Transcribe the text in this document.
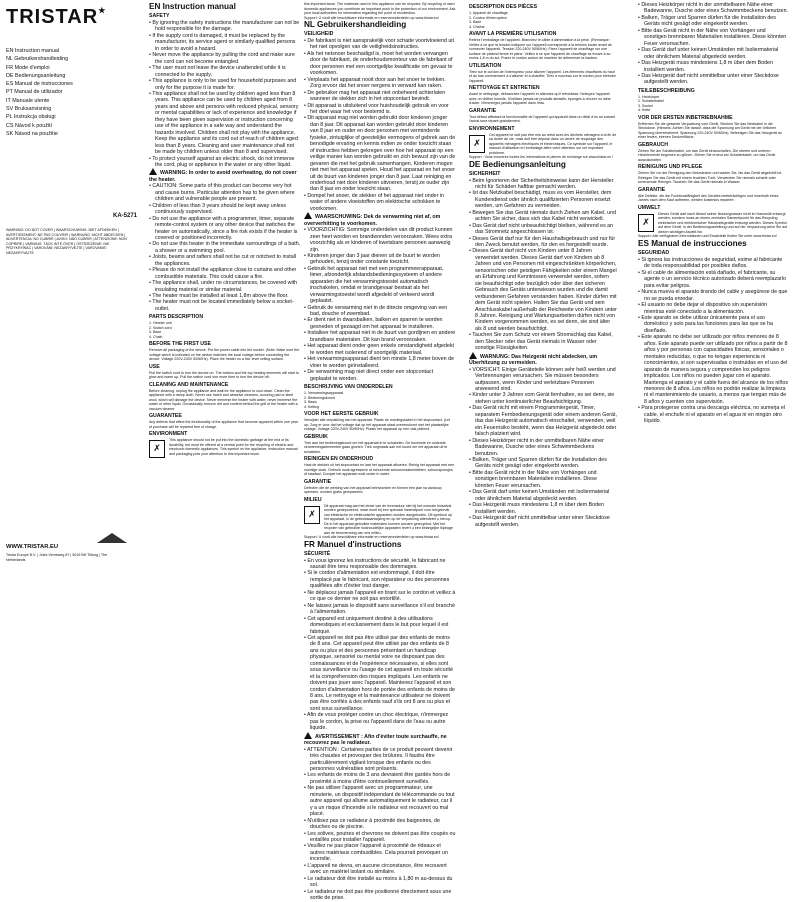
TRISTAR★
EN Instruction manual
NL Gebruikershandleiding
FR Mode d'emploi
DE Bedienungsanleitung
ES Manual de instrucciones
PT Manual de utilizador
IT Manuale utente
SV Bruksanvisning
PL Instrukcja obsługi
CS Návod k použití
SK Návod na použitie
KA-5271
WARNING: DO NOT COVER | WAARSCHUWING: NIET AFDEKKEN | AVERTISSEMENT: NE PAS COUVRIR | WARNUNG: NICHT ABDECKEN | ADVERTENCIA: NO CUBRIR | AVISO: NÃO CUBRIR | ATTENZIONE: NON COPRIRE | VARNING: TÄCK INTE ÖVER | OSTRZEŻENIE: NIE PRZYKRYWAĆ | VAROVÁNÍ: NEZAKRÝVEJTE | VAROVANIE: NEZAKRÝVAJTE
WWW.TRISTAR.EU
Tristar Europe B.V. | Jules Verneweg 87 | 5015 BH Tilburg | The Netherlands
EN Instruction manual
SAFETY

• By ignoring the safety instructions the manufacturer can not be hold responsible for the damage.

• If the supply cord is damaged, it must be replaced by the manufacturer, its service agent or similarly qualified persons in order to avoid a hazard.

• Never move the appliance by pulling the cord and make sure the cord can not become entangled.

• The user must not leave the device unattended while it is connected to the supply.

• This appliance is only to be used for household purposes and only for the purpose it is made for.

• This appliance shall not be used by children aged less than 8 years. This appliance can be used by children aged from 8 years and above and persons with reduced physical, sensory or mental capabilities or lack of experience and knowledge if they have been given supervision or instruction concerning use of the appliance in a safe way and understand the hazards involved. Children shall not play with the appliance. Keep the appliance and its cord out of reach of children aged less than 8 years. Cleaning and user maintenance shall not be made by children unless older than 8 and supervised.

• To protect yourself against an electric shock, do not immerse the cord, plug or appliance in the water or any other liquid.

WARNING: In order to avoid overheating, do not cover the heater.

• CAUTION: Some parts of this product can become very hot and cause burns. Particular attention has to be given where children and vulnerable people are present.

• Children of less than 3 years should be kept away unless continuously supervised.

• Do not use the appliance with a programmer, timer, separate remote-control system or any other device that switches the heater on automatically, since a fire risk exists if the heater is covered or positioned incorrectly.

• Do not use this heater in the immediate surroundings of a bath, a shower or a swimming pool.

• Joists, beams and rafters shall not be cut or notched to install the appliances.

• Please do not install the appliance close to curtains and other combustible materials. This could cause a fire.

• The appliance shall, under no circumstances, be covered with insulating material or similar material.

• The heater must be installed at least 1,8m above the floor.

• The heater must not be located immediately below a socket-outlet.

PARTS DESCRIPTION
1. Header unit
2. Switch cord
3. Base
4. Chain
BEFORE THE FIRST USE

Remove all packaging of the device. Put the power cable into the socket. (Note: Make sure the voltage which is indicated on the device matches the local voltage before connecting the device. Voltage 220V-240V 50/60Hz). Place the heater on a flat, level ceiling surface.

USE

Pull the switch cord to turn the device on. The bottom and the top heating elements will start to glow and warm up. Pull the switch cord one more time to turn the device off.

CLEANING AND MAINTENANCE

Before cleaning, unplug the appliance and wait for the appliance to cool down. Clean the appliance with a damp cloth. Never use harsh and abrasive cleaners, scouring pad or steel wool, which will damage the device. Never immerse the heater with water, never immerse the water or other liquid. Occasionally remove dirt and content behind the grill of the heater with a vacuum cleaner.

GUARANTEE

Any defects that affect the functionality of the appliance that become apparent within one year of purchase will be repaired free of charge.

ENVIRONMENT
✗

This appliance should not be put into the domestic garbage at the end of its durability, but must be offered at a central point for the recycling of electric and electronic domestic appliances. This symbol on the appliance, instruction manual and packaging puts your attention to this important issue.

this important issue. The materials used in this appliance can be recycled. By recycling of used domestic appliances you contribute an important push to the protection of our environment. Ask your local authorities for information regarding the point of recollection.

Support: U vindt alle beschikbare informatie en reserveonderdelen op www.tristar.eu!

NL Gebruikershandleiding
VEILIGHEID

• De fabrikant is niet aansprakelijk voor schade voortvloeiend uit het niet opvolgen van de veiligheidsinstructies.

• Als het netsnoer beschadigd is, moet het worden vervangen door de fabrikant, de onderhoudsmonteur van de fabrikant of door personen met een soortgelijke kwalificatie om gevaar te voorkomen.

• Verplaats het apparaat nooit door aan het snoer te trekken. Zorg ervoor dat het snoer nergens in verward kan raken.

• De gebruiker mag het apparaat niet onbeheerd achterlaten wanneer de stekker zich in het stopcontact bevindt.

• Dit apparaat is uitsluitend voor huishoudelijk gebruik en voor het doel waar het voor bestemd is.

• Dit apparaat mag niet worden gebruikt door kinderen jonger dan 8 jaar. Dit apparaat kan worden gebruikt door kinderen van 8 jaar en ouder en door personen met verminderde fysieke, zintuiglijke of geestelijke vermogens of gebrek aan de benodigde ervaring en kennis indien ze onder toezicht staan of instructies hebben gekregen over hoe het apparaat op een veilige manier kan worden gebruikt en zich bewust zijn van de gevaren die met het gebruik samenhangen. Kinderen mogen niet met het apparaat spelen. Houd het apparaat en het snoer uit de buurt van kinderen jonger dan 8 jaar. Laat reiniging en onderhoud niet door kinderen uitvoeren, tenzij ze ouder zijn dan 8 jaar en onder toezicht staan.

• Dompel het snoer, de stekker of het apparaat niet onder in water of andere vloeistoffen om elektrische schokken te voorkomen.

WAARSCHUWING: Dek de verwarming niet af, om oververhitting te voorkomen.

• VOORZICHTIG: Sommige onderdelen van dit product kunnen zeer heet worden en brandwonden veroorzaken. Wees extra voorzichtig als er kinderen of kwetsbare personen aanwezig zijn.

• Kinderen jonger dan 3 jaar dienen uit de buurt te worden gehouden, tenzij onder constante toezicht.

• Gebruik het apparaat niet met een programmeerapparaat, timer, afzonderlijk afstandsbedieningssysteem of andere apparaten die het verwarmingstoestel automatisch inschakelen, omdat er brandgevaar bestaat als het verwarmingstoestel wordt afgedekt of verkeerd wordt geplaatst.

• Gebruik de verwarming niet in de directe omgeving van een bad, douche of zwembad.

• Er dient niet in dwarsbalken, balken en sparren te worden gesneden of gezaagd om het apparaat te installeren.

• Installeer het apparaat niet in de buurt van gordijnen en andere brandbare materialen. Dit kan brand veroorzaken.

• Het apparaat dient onder geen enkele omstandigheid afgedekt te worden met isolerend of soortgelijk materiaal.

• Het verwarmingsapparaat dient ten minste 1,8 meter boven de vloer te worden geïnstalleerd.

• De verwarming mag niet direct onder een stopcontact geplaatst te worden.

BESCHRIJVING VAN ONDERDELEN
1. Verwarmingsapparaat
2. Bedieningskoord
3. Basis
4. Ketting
VOOR HET EERSTE GEBRUIK

Verwijder alle verpakking van het apparaat. Plaats de voedingskabel in het stopcontact. (Let op: Zorg er voor dat het voltage dat op het apparaat staat overeenkomt met het plaatselijke voltage. Voltage 220V-240V 50/60Hz). Plaats het apparaat op een vlak plafond.

GEBRUIK

Trek aan het bedieningskoord om het apparaat in te schakelen. De bovenste en onderste verwarmingselementen gaan gloeien. Trek nogmaals aan het koord om het apparaat uit te schakelen.

REINIGEN EN ONDERHOUD

Haal de stekker uit het stopcontact en laat het apparaat afkoelen. Reinig het apparaat met een vochtige doek. Gebruik nooit agressieve of schurende schoonmaakmiddelen, schuursponsjes of staalwol. Dompel het apparaat nooit onder in water.

GARANTIE

Defecten die de werking van het apparaat beïnvloeden en binnen één jaar na aankoop optreden, worden gratis gerepareerd.

MILIEU
✗

Dit apparaat mag aan het einde van de levensduur niet bij het normale huisafval worden gedeponeerd, maar moet bij een speciaal inzamelpunt voor hergebruik van elektrische en elektronische apparaten worden aangeboden. Dit symbool op het apparaat, in de gebruiksaanwijzing en op de verpakking attendeert u hierop. De in het apparaat gebruikte materialen kunnen worden gerecycled. Met het recyclen van gebruikte huishoudelijke apparaten levert u een belangrijke bijdrage aan de bescherming van ons milieu.

Support: U vindt alle beschikbare informatie en reserveonderdelen op www.tristar.eu!

FR Manuel d'instructions
SÉCURITÉ

• En vous ignorez les instructions de sécurité, le fabricant ne saurait être tenu responsable des dommages.

• Si le cordon d'alimentation est endommagé, il doit être remplacé par le fabricant, son réparateur ou des personnes qualifiées afin d'éviter tout danger.

• Ne déplacez jamais l'appareil en tirant sur le cordon et veillez à ce que ce dernier ne soit pas entortillé.

• Ne laissez jamais le dispositif sans surveillance s'il est branché à l'alimentation.

• Cet appareil est uniquement destiné à des utilisations domestiques et exclusivement dans le but pour lequel il est fabriqué.

• Cet appareil ne doit pas être utilisé par des enfants de moins de 8 ans. Cet appareil peut être utilisé par des enfants de 8 ans ou plus et des personnes présentant un handicap physique, sensoriel ou mental voire ne disposant pas des connaissances et de l'expérience nécessaires, si elles sont sous surveillance ou l'usage de cet appareil en toute sécurité et la compréhension des risques impliqués. Les enfants ne doivent pas jouer avec l'appareil. Maintenez l'appareil et son cordon d'alimentation hors de portée des enfants de moins de 8 ans. Le nettoyage et la maintenance utilisateur ne doivent pas être confiés à des enfants sauf s'ils ont 8 ans ou plus et sont sous surveillance.

• Afin de vous protéger contre un choc électrique, n'immergez pas le cordon, la prise ou l'appareil dans de l'eau ou autre liquide.

AVERTISSEMENT : Afin d'éviter toute surchauffe, ne recouvrez pas le radiateur.

• ATTENTION : Certaines parties de ce produit peuvent devenir très chaudes et provoquer des brûlures. Il faudra être particulièrement vigilant lorsque des enfants ou des personnes vulnérables sont présents.

• Les enfants de moins de 3 ans devraient être gardés hors de proximité à moins d'être continuellement surveillés.

• Ne pas utiliser l'appareil avec un programmateur, une minuterie, un dispositif indépendant de télécommande ou tout autre appareil qui allume automatiquement le radiateur, car il y a un risque d'incendie si le radiateur est recouvert ou mal placé.

• N'utilisez pas ce radiateur à proximité des baignoires, de douches ou de piscine.

• Les solives, poutres et chevrons ne doivent pas être coupés ou entaillés pour installer l'appareil.

• Veuillez ne pas placer l'appareil à proximité de rideaux et autres matériaux combustibles. Cela pourrait provoquer un incendie.

• L'appareil ne devra, en aucune circonstance, être recouvert avec un matériel isolant ou similaire.

• Le radiateur doit être installé au moins à 1,80 m au-dessus du sol.

• Le radiateur ne doit pas être positionné directement sous une sortie de prise.

DESCRIPTION DES PIÈCES
1. Appareil de chauffage
2. Cordon d'interrupteur
3. Base
4. Chaîne
AVANT LA PREMIÈRE UTILISATION

Retirez l'emballage de l'appareil. Branchez le câble d'alimentation à la prise. (Remarque : Veillez à ce que la tension indiquée sur l'appareil corresponde à la tension locale avant de connecter l'appareil. Tension 220-240V 50/60Hz). Fixez l'appareil de chauffage sur une surface de plafond ferme et plane. Veillez à ce que l'appareil de chauffage se trouve à au moins 1,8 m du sol. Posez le cordon autour de manière de déterminer la hauteur.

UTILISATION

Tirez sur le cordon de l'interrupteur pour allumer l'appareil. Les éléments chauffants du haut et du bas commencent à s'allumer et à chauffer. Tirez à nouveau sur le cordon pour éteindre l'appareil.

NETTOYAGE ET ENTRETIEN

Avant le nettoyage, débranchez l'appareil et attendez qu'il refroidisse. Nettoyez l'appareil avec un chiffon humide. N'utilisez jamais de produits abrasifs, éponges à récurer ou laine d'acier. N'immergez jamais l'appareil dans l'eau.

GARANTIE

Tout défaut affectant la fonctionnalité de l'appareil qui apparaît dans un délai d'un an suivant l'achat sera réparé gratuitement.

ENVIRONNEMENT
✗

Cet appareil ne doit pas être mis au rebut avec les déchets ménagers à la fin de sa durée de vie, mais doit être déposé dans un centre de recyclage des appareils ménagers électriques et électroniques. Ce symbole sur l'appareil, le manuel d'utilisation et l'emballage attire votre attention sur cet important problème.

Support : Vous trouverez toutes les informations et pièces de rechange sur www.tristar.eu !

DE Bedienungsanleitung
SICHERHEIT

• Beim Ignorieren der Sicherheitshinweise kann der Hersteller nicht für Schäden haftbar gemacht werden.

• Ist das Netzkabel beschädigt, muss es vom Hersteller, dem Kundendienst oder ähnlich qualifizierten Personen ersetzt werden, um Gefahren zu vermeiden.

• Bewegen Sie das Gerät niemals durch Ziehen am Kabel, und achten Sie sicher, dass sich das Kabel nicht verwickelt.

• Das Gerät darf nicht unbeaufsichtigt bleiben, während es an das Stromnetz angeschlossen ist.

• Dieses Gerät darf nur für den Haushaltsgebrauch und nur für den Zweck benutzt werden, für den es hergestellt wurde.

• Dieses Gerät darf nicht von Kindern unter 8 Jahren verwendet werden. Dieses Gerät darf von Kindern ab 8 Jahren und von Personen mit eingeschränkten körperlichen, sensorischen oder geistigen Fähigkeiten oder einem Mangel an Erfahrung und Kenntnissen verwendet werden, sofern sie beaufsichtigt oder bezüglich oder über den sicheren Gebrauch des Geräts unterwiesen wurden und die damit verbundenen Gefahren verstanden haben. Kinder dürfen mit dem Gerät nicht spielen. Halten Sie das Gerät und sein Anschlusskabel außerhalb der Reichweite von Kindern unter 8 Jahren. Reinigung und Wartungsarbeiten dürfen nicht von Kindern vorgenommen werden, es sei denn, sie sind älter als 8 und werden beaufsichtigt.

• Tauchen Sie zum Schutz vor einem Stromschlag das Kabel, den Stecker oder das Gerät niemals in Wasser oder sonstige Flüssigkeiten.

WARNUNG: Das Heizgerät nicht abdecken, um Überhitzung zu vermeiden.

• VORSICHT: Einige Geräteteile können sehr heiß werden und Verbrennungen verursachen. Sie müssen besonders aufpassen, wenn Kinder und verletzbare Personen anwesend sind.

• Kinder unter 3 Jahren vom Gerät fernhalten, es sei denn, sie stehen unter kontinuierlicher Beaufsichtigung.

• Das Gerät nicht mit einem Programmiergerät, Timer, separatem Fernbedienungsgerät oder einem anderen Gerät, das das Heizgerät automatisch einschaltet, verwenden, weil ein Feuerrisiko besteht, wenn das Heizgerät abgedeckt oder falsch platziert wird.

• Dieses Heizkörper nicht in der unmittelbaren Nähe einer Badewanne, Dusche oder eines Schwimmbeckens benutzen.

• Balken, Träger und Sparren dürfen für die Installation des Geräts nicht gesägt oder eingekerbt werden.

• Bitte das Gerät nicht in der Nähe von Vorhängen und sonstigen brennbaren Materialien installieren. Diese könnten Feuer verursachen.

• Das Gerät darf unter keinen Umständen mit Isoliermaterial oder ähnlichem Material abgedeckt werden.

• Das Heizgerät muss mindestens 1,8 m über dem Boden installiert werden.

• Das Heizgerät darf nicht unmittelbar unter einer Steckdose aufgestellt werden.

• Dieses Heizkörper nicht in der unmittelbaren Nähe einer Badewanne, Dusche oder eines Schwimmbeckens benutzen.

• Balken, Träger und Sparren dürfen für die Installation des Geräts nicht gesägt oder eingekerbt werden.

• Bitte das Gerät nicht in der Nähe von Vorhängen und sonstigen brennbaren Materialien installieren. Diese könnten Feuer verursachen.

• Das Gerät darf unter keinen Umständen mit Isoliermaterial oder ähnlichem Material abgedeckt werden.

• Das Heizgerät muss mindestens 1,8 m über dem Boden installiert werden.

• Das Heizgerät darf nicht unmittelbar unter einer Steckdose aufgestellt werden.

TEILEBESCHREIBUNG
1. Heizkörper
2. Schalterkabel
3. Sockel
4. Kette
VOR DER ERSTEN INBETRIEBNAHME

Entfernen Sie die gesamte Verpackung vom Gerät. Stecken Sie das Netzkabel in die Steckdose. (Hinweis: Achten Sie darauf, dass die Spannung am Gerät mit der örtlichen Spannung übereinstimmt. Spannung 220-240V 50/60Hz). Befestigen Sie das Heizgerät an einer festen, ebenen Deckenfläche.

GEBRAUCH

Ziehen Sie am Schalterkabel, um das Gerät einzuschalten. Die oberen und unteren Heizelemente beginnen zu glühen. Ziehen Sie erneut am Schalterkabel, um das Gerät auszuschalten.

REINIGUNG UND PFLEGE

Ziehen Sie vor der Reinigung den Netzstecker und warten Sie, bis das Gerät abgekühlt ist. Reinigen Sie das Gerät mit einem feuchten Tuch. Verwenden Sie niemals scharfe oder scheuernde Reiniger. Tauchen Sie das Gerät niemals in Wasser.

GARANTIE

Alle Defekte, die die Funktionsfähigkeit des Gerätes beeinträchtigen und innerhalb eines Jahres nach dem Kauf auftreten, werden kostenlos repariert.

UMWELT
✗

Dieses Gerät darf nach Ablauf seiner Nutzungsdauer nicht im Hausmüll entsorgt werden, sondern muss an einem zentralen Sammelpunkt für das Recycling elektrischer und elektronischer Haushaltsgeräte entsorgt werden. Dieses Symbol auf dem Gerät, in der Bedienungsanleitung und auf der Verpackung weist Sie auf diesen wichtigen Aspekt hin.

Support: Alle verfügbaren Informationen und Ersatzteile finden Sie unter www.tristar.eu!

ES Manual de instrucciones
SEGURIDAD

• Si ignora las instrucciones de seguridad, exime al fabricante de toda responsabilidad por posibles daños.

• Si el cable de alimentación está dañado, el fabricante, su agente o un servicio técnico autorizado deberá reemplazarlo para evitar peligros.

• Nunca mueva el aparato tirando del cable y asegúrese de que no se pueda enredar.

• El usuario no debe dejar el dispositivo sin supervisión mientras esté conectado a la alimentación.

• Este aparato se debe utilizar únicamente para el uso doméstico y solo para las funciones para las que se ha diseñado.

• Este aparato no debe ser utilizado por niños menores de 8 años. Este aparato puede ser utilizado por niños a partir de 8 años y por personas con capacidades físicas, sensoriales o mentales reducidas, o que no tengan experiencia ni conocimientos, si son supervisadas o instruidas en el uso del aparato de manera segura y comprenden los peligros implicados. Los niños no pueden jugar con el aparato. Mantenga el aparato y el cable fuera del alcance de los niños menores de 8 años. Los niños no podrán realizar la limpieza ni el mantenimiento de usuario, a menos que tengan más de 8 años y cuenten con supervisión.

• Para protegerse contra una descarga eléctrica, no sumerja el cable, el enchufe ni el aparato en el agua ni en ningún otro líquido.
